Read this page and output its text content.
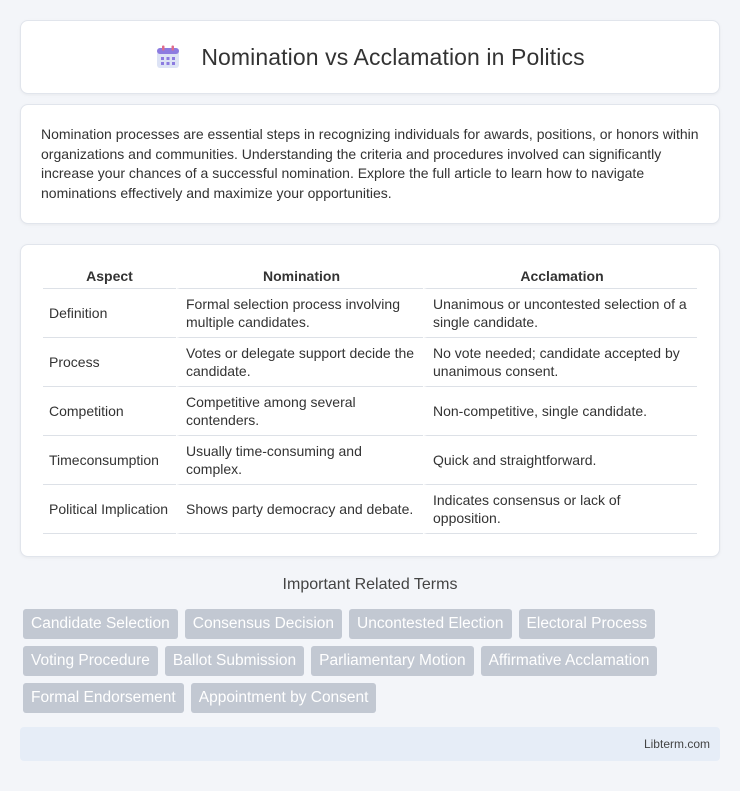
Nomination vs Acclamation in Politics

Nomination processes are essential steps in recognizing individuals for awards, positions, or honors within organizations and communities. Understanding the criteria and procedures involved can significantly increase your chances of a successful nomination. Explore the full article to learn how to navigate nominations effectively and maximize your opportunities.

Aspect	Nomination	Acclamation
Definition	Formal selection process involving multiple candidates.	Unanimous or uncontested selection of a single candidate.
Process	Votes or delegate support decide the candidate.	No vote needed; candidate accepted by unanimous consent.
Competition	Competitive among several contenders.	Non-competitive, single candidate.
Timeconsumption	Usually time-consuming and complex.	Quick and straightforward.
Political Implication	Shows party democracy and debate.	Indicates consensus or lack of opposition.
Important Related Terms
Candidate Selection	Consensus Decision	Uncontested Election	Electoral Process
Voting Procedure	Ballot Submission	Parliamentary Motion	Affirmative Acclamation
Formal Endorsement	Appointment by Consent
Libterm.com
